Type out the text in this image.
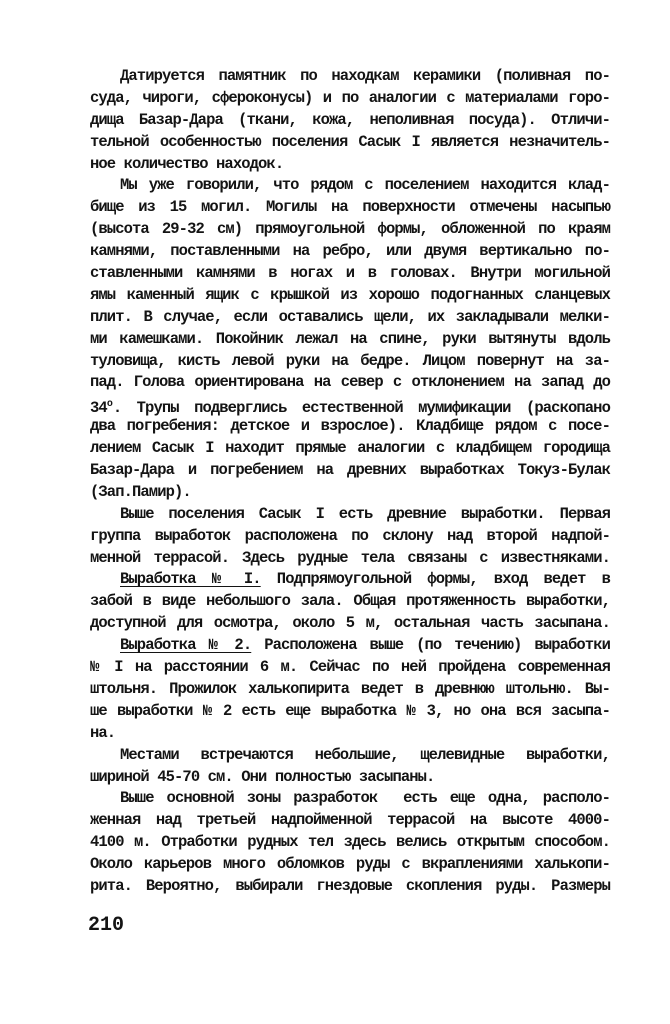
Датируется памятник по находкам керамики (поливная по-
суда, чироги, сфероконусы) и по аналогии с материалами горо-
дища Базар-Дара (ткани, кожа, неполивная посуда). Отличи-
тельной особенностью поселения Сасык I является незначитель-
ное количество находок.
Мы уже говорили, что рядом с поселением находится клад-
бище из 15 могил. Могилы на поверхности отмечены насыпью
(высота 29-32 см) прямоугольной формы, обложенной по краям
камнями, поставленными на ребро, или двумя вертикально по-
ставленными камнями в ногах и в головах. Внутри могильной
ямы каменный ящик с крышкой из хорошо подогнанных сланцевых
плит. В случае, если оставались щели, их закладывали мелки-
ми камешками. Покойник лежал на спине, руки вытянуты вдоль
туловища, кисть левой руки на бедре. Лицом повернут на за-
пад. Голова ориентирована на север с отклонением на запад до
$34^о$. Трупы подверглись естественной мумификации (раскопано
два погребения: детское и взрослое). Кладбище рядом с посе-
лением Сасык I находит прямые аналогии с кладбищем городища
Базар-Дара и погребением на древних выработках Токуз-Булак
(Зап.Памир).
Выше поселения Сасык I есть древние выработки. Первая
группа выработок расположена по склону над второй надпой-
менной террасой. Здесь рудные тела связаны с известняками.
Выработка № I. Подпрямоугольной формы, вход ведет в
забой в виде небольшого зала. Общая протяженность выработки,
доступной для осмотра, около 5 м, остальная часть засыпана.
Выработка № 2. Расположена выше (по течению) выработки
№ I на расстоянии 6 м. Сейчас по ней пройдена современная
штольня. Прожилок халькопирита ведет в древнюю штольню. Вы-
ше выработки № 2 есть еще выработка № 3, но она вся засыпа-
на.
Местами встречаются небольшие, щелевидные выработки,
шириной 45-70 см. Они полностью засыпаны.
Выше основной зоны разработок  есть еще одна, располо-
женная над третьей надпойменной террасой на высоте 4000-
4100 м. Отработки рудных тел здесь велись открытым способом.
Около карьеров много обломков руды с вкраплениями халькопи-
рита. Вероятно, выбирали гнездовые скопления руды. Размеры
210
